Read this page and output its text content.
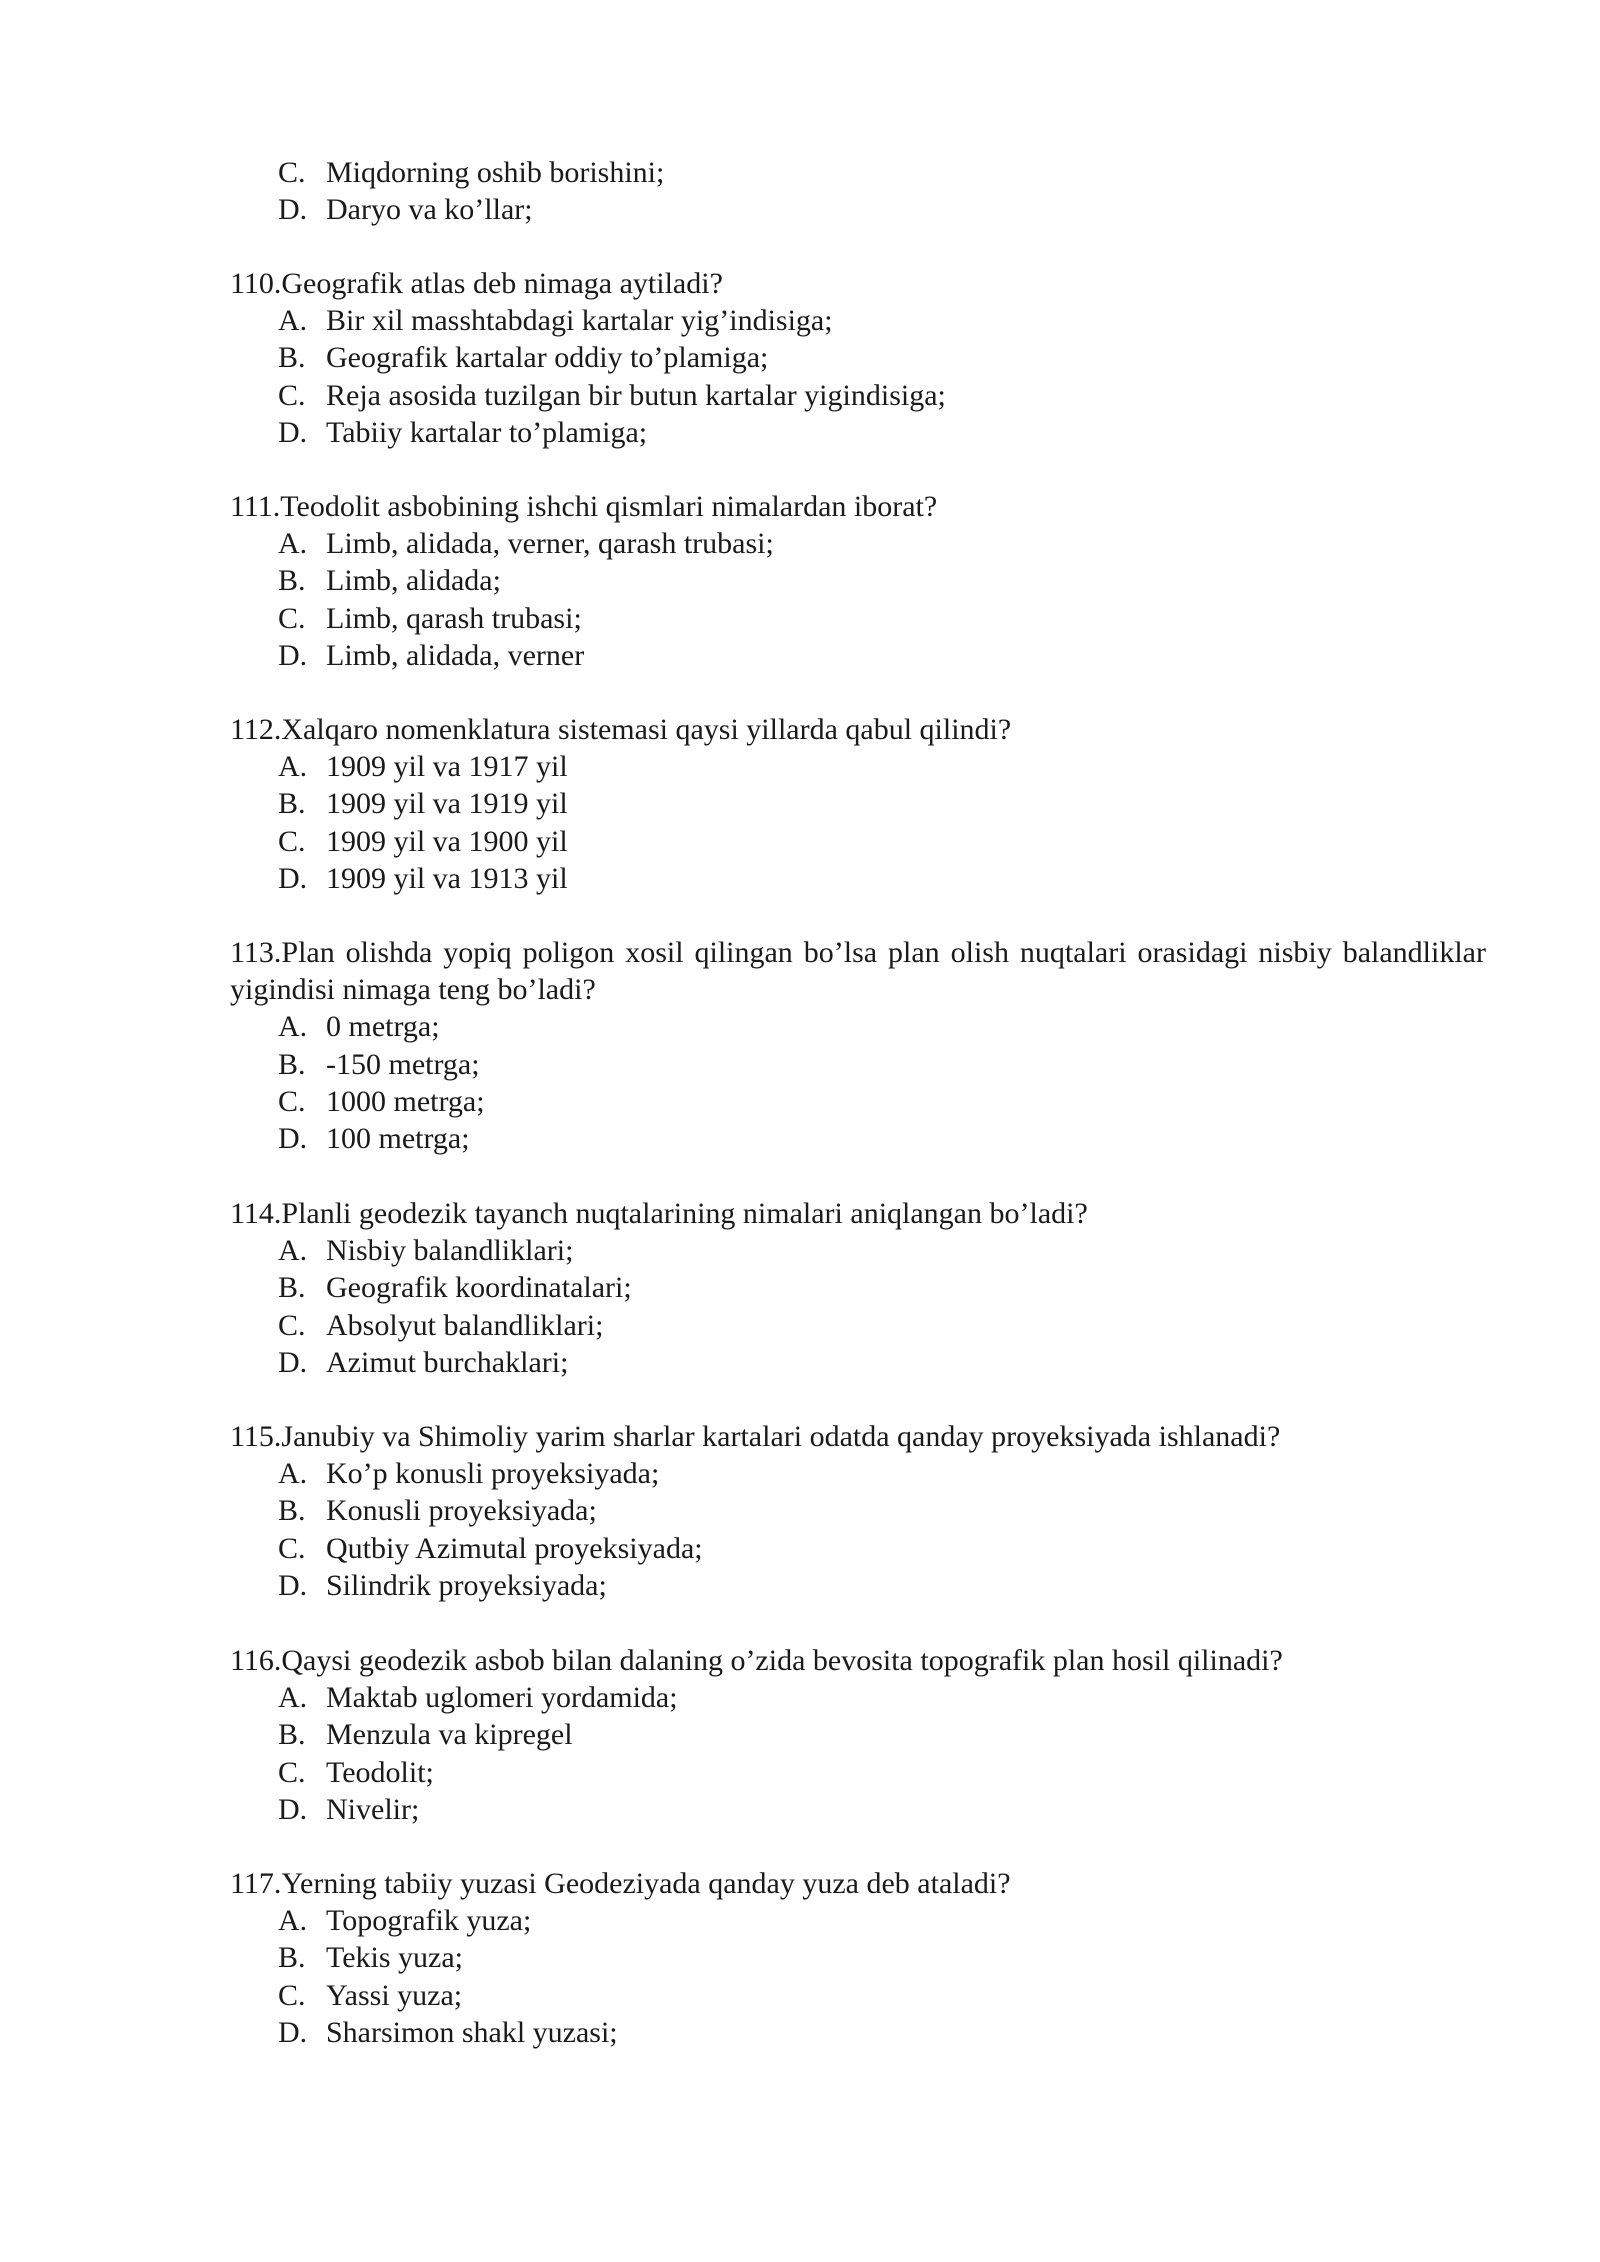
C. Miqdorning oshib borishini;
D. Daryo va ko’llar;
110.Geografik atlas deb nimaga aytiladi?
A. Bir xil masshtabdagi kartalar yig’indisiga;
B. Geografik kartalar oddiy to’plamiga;
C. Reja asosida tuzilgan bir butun kartalar yigindisiga;
D. Tabiiy kartalar to’plamiga;
111.Teodolit asbobining ishchi qismlari nimalardan iborat?
A. Limb, alidada, verner, qarash trubasi;
B. Limb, alidada;
C. Limb, qarash trubasi;
D. Limb, alidada, verner
112.Xalqaro nomenklatura sistemasi qaysi yillarda qabul qilindi?
A. 1909 yil va 1917 yil
B. 1909 yil va 1919 yil
C. 1909 yil va 1900 yil
D. 1909 yil va 1913 yil
113.Plan olishda yopiq poligon xosil qilingan bo’lsa plan olish nuqtalari orasidagi nisbiy balandliklar yigindisi nimaga teng bo’ladi?
A. 0 metrga;
B. -150 metrga;
C. 1000 metrga;
D. 100 metrga;
114.Planli geodezik tayanch nuqtalarining nimalari aniqlangan bo’ladi?
A. Nisbiy balandliklari;
B. Geografik koordinatalari;
C. Absolyut balandliklari;
D. Azimut burchaklari;
115.Janubiy va Shimoliy yarim sharlar kartalari odatda qanday proyeksiyada ishlanadi?
A. Ko’p konusli proyeksiyada;
B. Konusli proyeksiyada;
C. Qutbiy Azimutal proyeksiyada;
D. Silindrik proyeksiyada;
116.Qaysi geodezik asbob bilan dalaning o’zida bevosita topografik plan hosil qilinadi?
A. Maktab uglomeri yordamida;
B. Menzula va kipregel
C. Teodolit;
D. Nivelir;
117.Yerning tabiiy yuzasi Geodeziyada qanday yuza deb ataladi?
A. Topografik yuza;
B. Tekis yuza;
C. Yassi yuza;
D. Sharsimon shakl yuzasi;
